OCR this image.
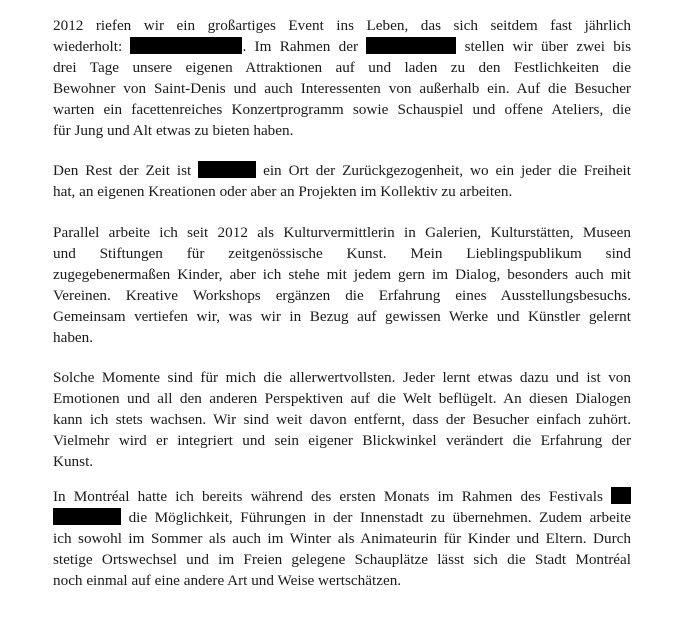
2012 riefen wir ein großartiges Event ins Leben, das sich seitdem fast jährlich
wiederholt:	. Im Rahmen der	stellen wir über zwei bis
drei Tage unsere eigenen Attraktionen auf und laden zu den Festlichkeiten die
Bewohner von Saint-Denis und auch Interessenten von außerhalb ein. Auf die Besucher
warten ein facettenreiches Konzertprogramm sowie Schauspiel und offene Ateliers, die
für Jung und Alt etwas zu bieten haben.
Den Rest der Zeit ist	ein Ort der Zurückgezogenheit, wo ein jeder die Freiheit
hat, an eigenen Kreationen oder aber an Projekten im Kollektiv zu arbeiten.
Parallel arbeite ich seit 2012 als Kulturvermittlerin in Galerien, Kulturstätten, Museen
und Stiftungen für zeitgenössische Kunst. Mein Lieblingspublikum sind
zugegebenermaßen Kinder, aber ich stehe mit jedem gern im Dialog, besonders auch mit
Vereinen. Kreative Workshops ergänzen die Erfahrung eines Ausstellungsbesuchs.
Gemeinsam vertiefen wir, was wir in Bezug auf gewissen Werke und Künstler gelernt
haben.
Solche Momente sind für mich die allerwertvollsten. Jeder lernt etwas dazu und ist von
Emotionen und all den anderen Perspektiven auf die Welt beflügelt. An diesen Dialogen
kann ich stets wachsen. Wir sind weit davon entfernt, dass der Besucher einfach zuhört.
Vielmehr wird er integriert und sein eigener Blickwinkel verändert die Erfahrung der
Kunst.
In Montréal hatte ich bereits während des ersten Monats im Rahmen des Festivals
die Möglichkeit, Führungen in der Innenstadt zu übernehmen. Zudem arbeite
ich sowohl im Sommer als auch im Winter als Animateurin für Kinder und Eltern. Durch
stetige Ortswechsel und im Freien gelegene Schauplätze lässt sich die Stadt Montréal
noch einmal auf eine andere Art und Weise wertschätzen.
